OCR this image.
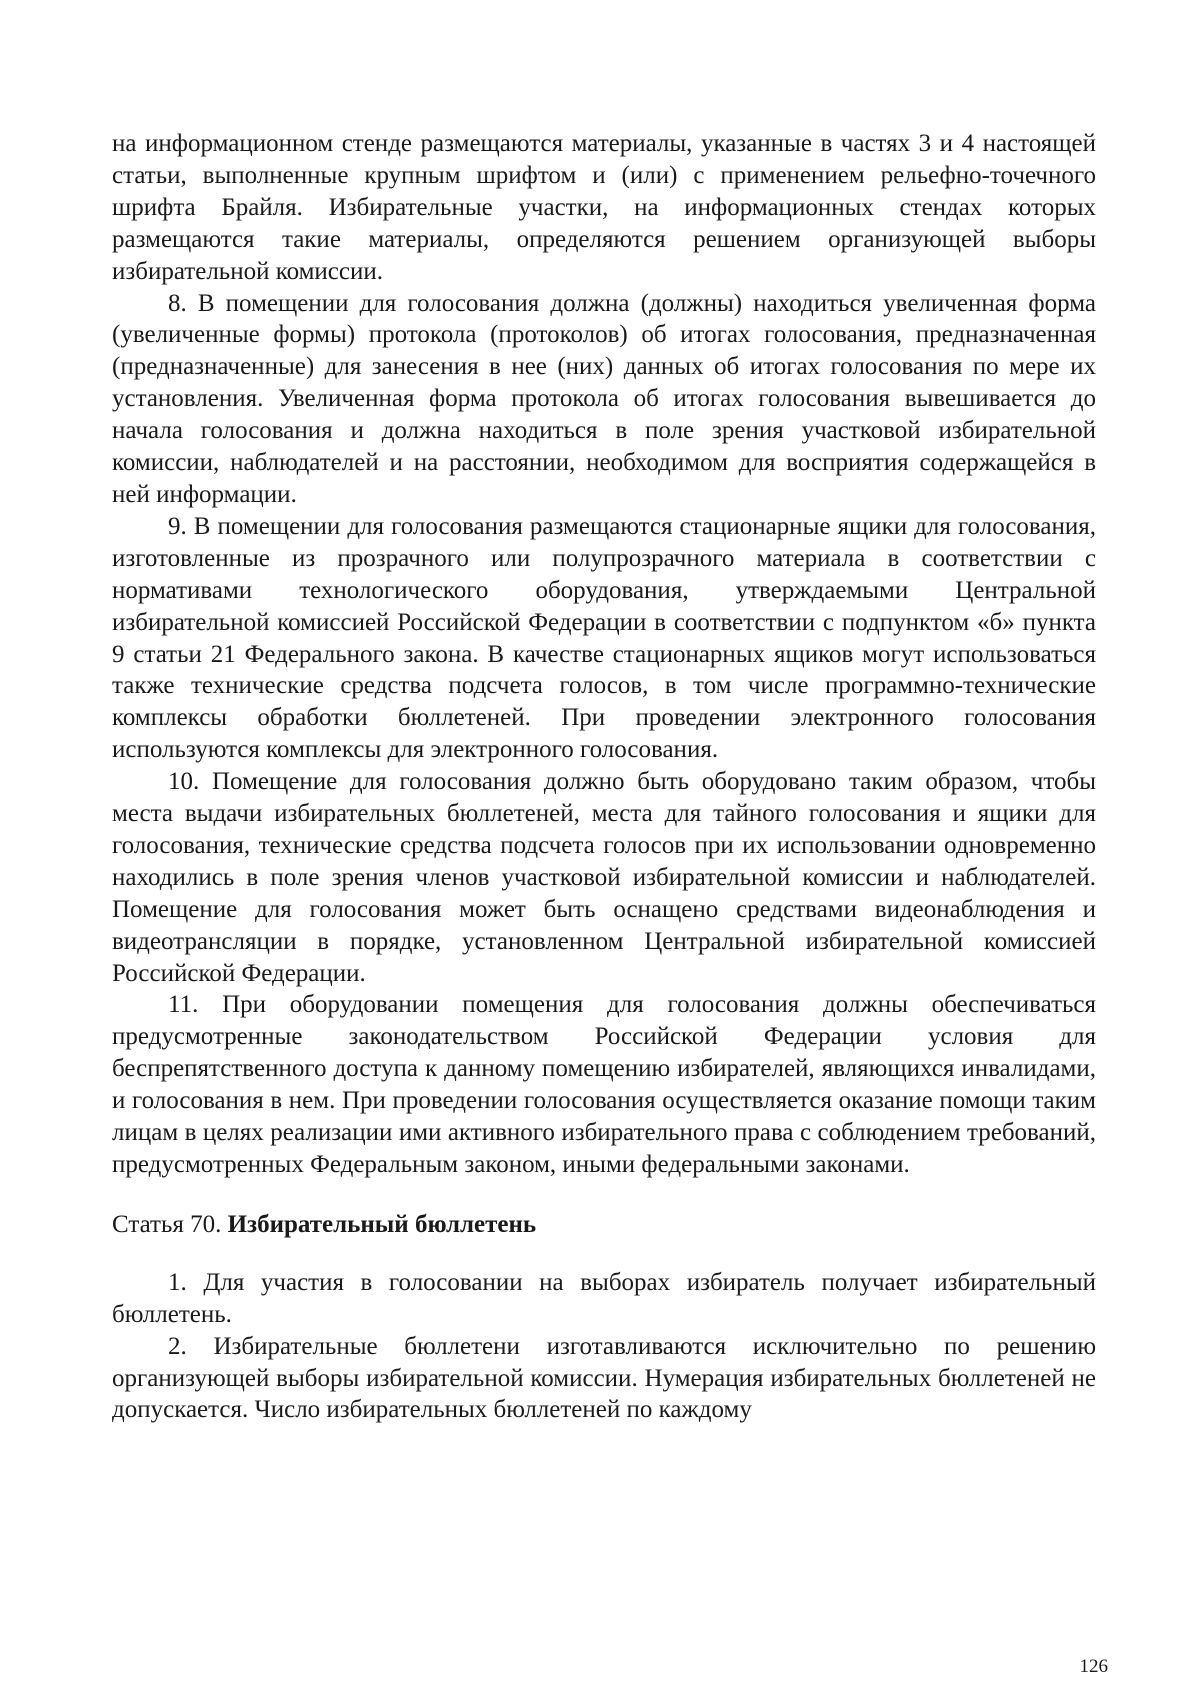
на информационном стенде размещаются материалы, указанные в частях 3 и 4 настоящей статьи, выполненные крупным шрифтом и (или) с применением рельефно-точечного шрифта Брайля. Избирательные участки, на информационных стендах которых размещаются такие материалы, определяются решением организующей выборы избирательной комиссии.

8. В помещении для голосования должна (должны) находиться увеличенная форма (увеличенные формы) протокола (протоколов) об итогах голосования, предназначенная (предназначенные) для занесения в нее (них) данных об итогах голосования по мере их установления. Увеличенная форма протокола об итогах голосования вывешивается до начала голосования и должна находиться в поле зрения участковой избирательной комиссии, наблюдателей и на расстоянии, необходимом для восприятия содержащейся в ней информации.

9. В помещении для голосования размещаются стационарные ящики для голосования, изготовленные из прозрачного или полупрозрачного материала в соответствии с нормативами технологического оборудования, утверждаемыми Центральной избирательной комиссией Российской Федерации в соответствии с подпунктом «б» пункта 9 статьи 21 Федерального закона. В качестве стационарных ящиков могут использоваться также технические средства подсчета голосов, в том числе программно-технические комплексы обработки бюллетеней. При проведении электронного голосования используются комплексы для электронного голосования.

10. Помещение для голосования должно быть оборудовано таким образом, чтобы места выдачи избирательных бюллетеней, места для тайного голосования и ящики для голосования, технические средства подсчета голосов при их использовании одновременно находились в поле зрения членов участковой избирательной комиссии и наблюдателей. Помещение для голосования может быть оснащено средствами видеонаблюдения и видеотрансляции в порядке, установленном Центральной избирательной комиссией Российской Федерации.

11. При оборудовании помещения для голосования должны обеспечиваться предусмотренные законодательством Российской Федерации условия для беспрепятственного доступа к данному помещению избирателей, являющихся инвалидами, и голосования в нем. При проведении голосования осуществляется оказание помощи таким лицам в целях реализации ими активного избирательного права с соблюдением требований, предусмотренных Федеральным законом, иными федеральными законами.

Статья 70. Избирательный бюллетень

1. Для участия в голосовании на выборах избиратель получает избирательный бюллетень.

2. Избирательные бюллетени изготавливаются исключительно по решению организующей выборы избирательной комиссии. Нумерация избирательных бюллетеней не допускается. Число избирательных бюллетеней по каждому

126
